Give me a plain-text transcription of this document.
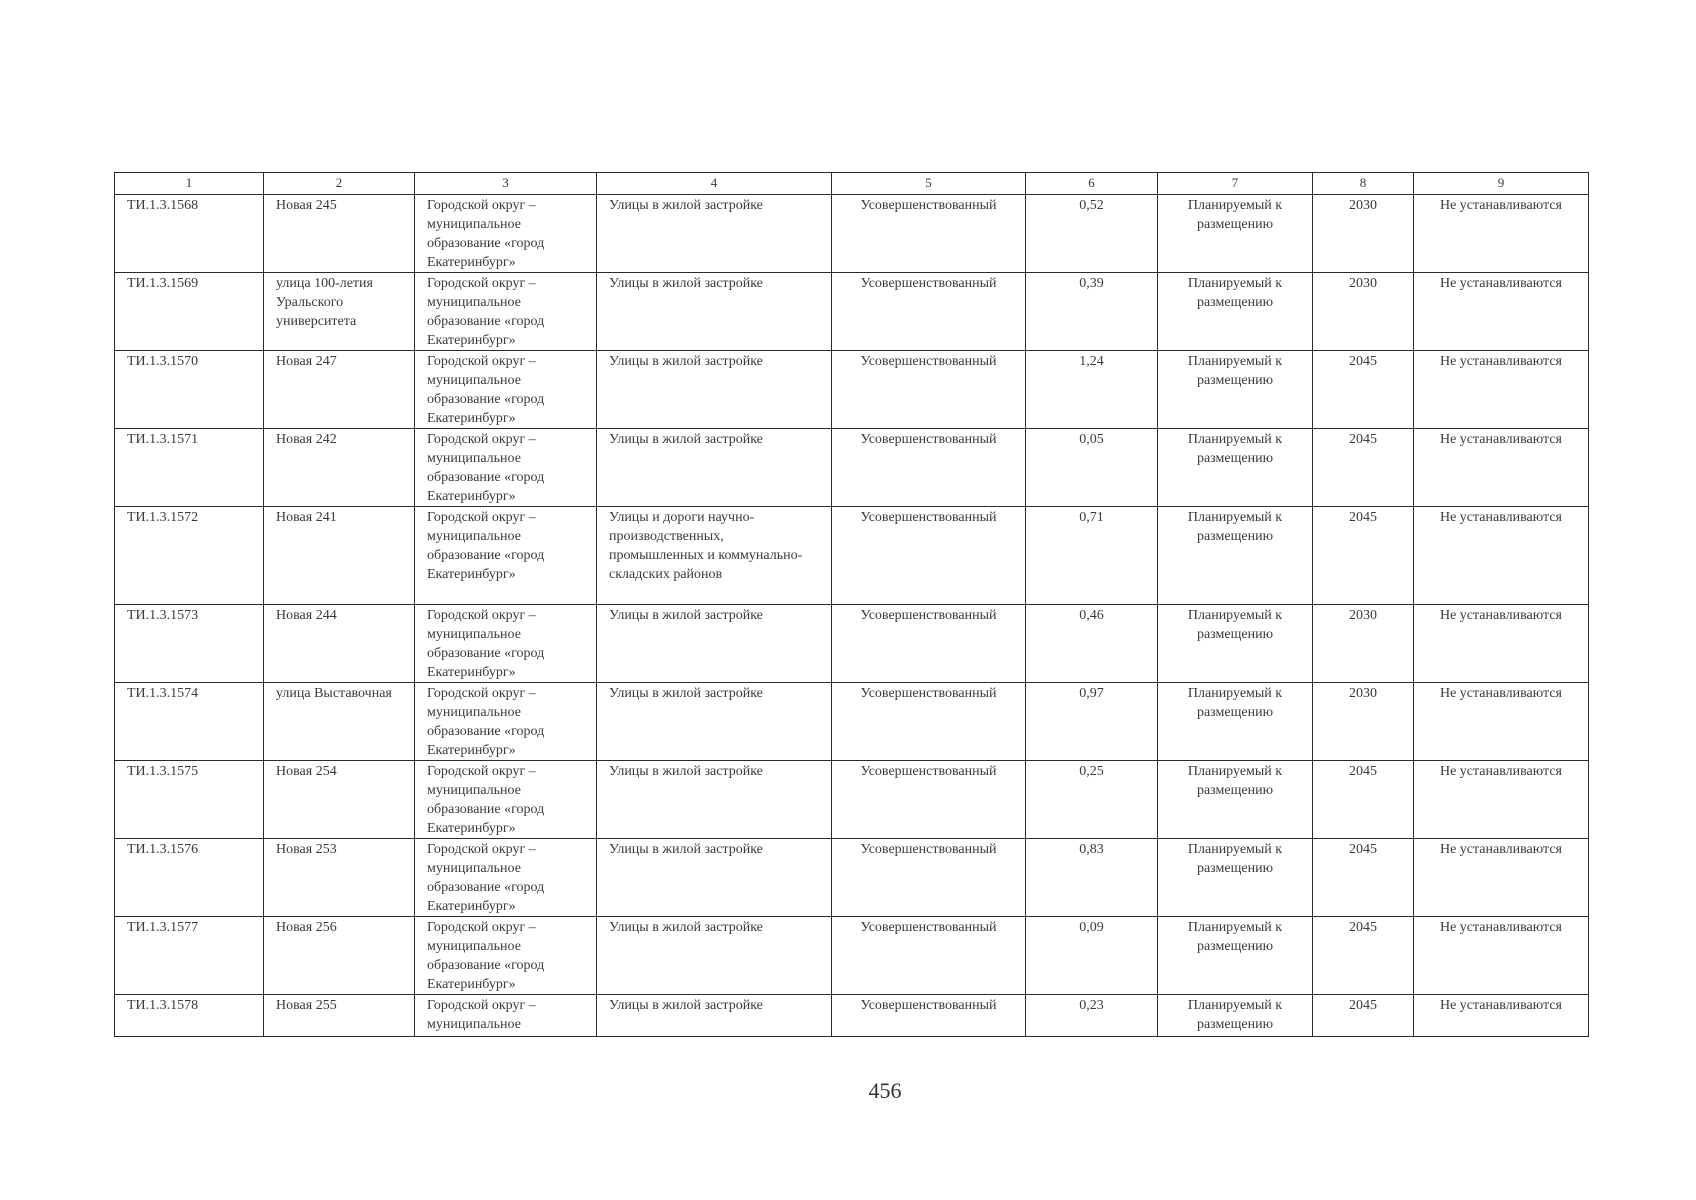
1	2	3	4	5	6	7	8	9
ТИ.1.3.1568	Новая 245	Городской округ – муниципальное образование «город Екатеринбург»	Улицы в жилой застройке	Усовершенствованный	0,52	Планируемый к размещению	2030	Не устанавливаются
ТИ.1.3.1569	улица 100-летия Уральского университета	Городской округ – муниципальное образование «город Екатеринбург»	Улицы в жилой застройке	Усовершенствованный	0,39	Планируемый к размещению	2030	Не устанавливаются
ТИ.1.3.1570	Новая 247	Городской округ – муниципальное образование «город Екатеринбург»	Улицы в жилой застройке	Усовершенствованный	1,24	Планируемый к размещению	2045	Не устанавливаются
ТИ.1.3.1571	Новая 242	Городской округ – муниципальное образование «город Екатеринбург»	Улицы в жилой застройке	Усовершенствованный	0,05	Планируемый к размещению	2045	Не устанавливаются
ТИ.1.3.1572	Новая 241	Городской округ – муниципальное образование «город Екатеринбург»	Улицы и дороги научно-производственных, промышленных и коммунально-складских районов	Усовершенствованный	0,71	Планируемый к размещению	2045	Не устанавливаются
ТИ.1.3.1573	Новая 244	Городской округ – муниципальное образование «город Екатеринбург»	Улицы в жилой застройке	Усовершенствованный	0,46	Планируемый к размещению	2030	Не устанавливаются
ТИ.1.3.1574	улица Выставочная	Городской округ – муниципальное образование «город Екатеринбург»	Улицы в жилой застройке	Усовершенствованный	0,97	Планируемый к размещению	2030	Не устанавливаются
ТИ.1.3.1575	Новая 254	Городской округ – муниципальное образование «город Екатеринбург»	Улицы в жилой застройке	Усовершенствованный	0,25	Планируемый к размещению	2045	Не устанавливаются
ТИ.1.3.1576	Новая 253	Городской округ – муниципальное образование «город Екатеринбург»	Улицы в жилой застройке	Усовершенствованный	0,83	Планируемый к размещению	2045	Не устанавливаются
ТИ.1.3.1577	Новая 256	Городской округ – муниципальное образование «город Екатеринбург»	Улицы в жилой застройке	Усовершенствованный	0,09	Планируемый к размещению	2045	Не устанавливаются
ТИ.1.3.1578	Новая 255	Городской округ – муниципальное	Улицы в жилой застройке	Усовершенствованный	0,23	Планируемый к размещению	2045	Не устанавливаются
456
